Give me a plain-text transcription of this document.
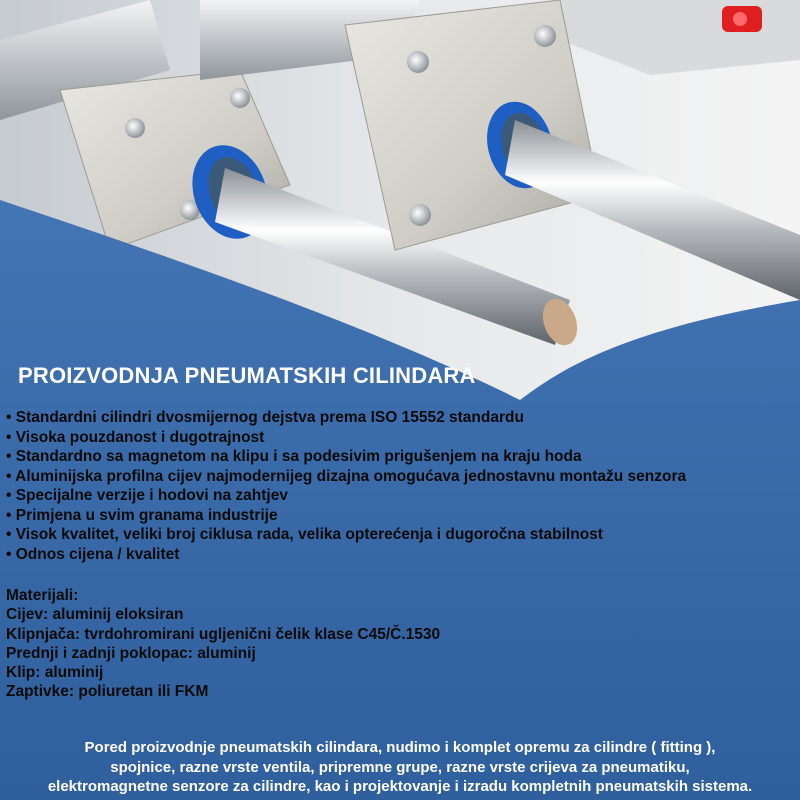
PROIZVODNJA PNEUMATSKIH CILINDARA
• Standardni cilindri dvosmijernog dejstva prema ISO 15552 standardu
• Visoka pouzdanost i dugotrajnost
• Standardno sa magnetom na klipu i sa podesivim prigušenjem na kraju hoda
• Aluminijska profilna cijev najmodernijeg dizajna omogućava jednostavnu montažu senzora
• Specijalne verzije i hodovi na zahtjev
• Primjena u svim granama industrije
• Visok kvalitet, veliki broj ciklusa rada, velika opterećenja i dugoročna stabilnost
• Odnos cijena / kvalitet
Materijali:
Cijev: aluminij eloksiran
Klipnjača: tvrdohromirani ugljenični čelik klase C45/Č.1530
Prednji i zadnji poklopac: aluminij
Klip: aluminij
Zaptivke: poliuretan ili FKM
Pored proizvodnje pneumatskih cilindara, nudimo i komplet opremu za cilindre ( fitting ),
spojnice, razne vrste ventila, pripremne grupe, razne vrste crijeva za pneumatiku,
elektromagnetne senzore za cilindre, kao i projektovanje i izradu kompletnih pneumatskih sistema.
